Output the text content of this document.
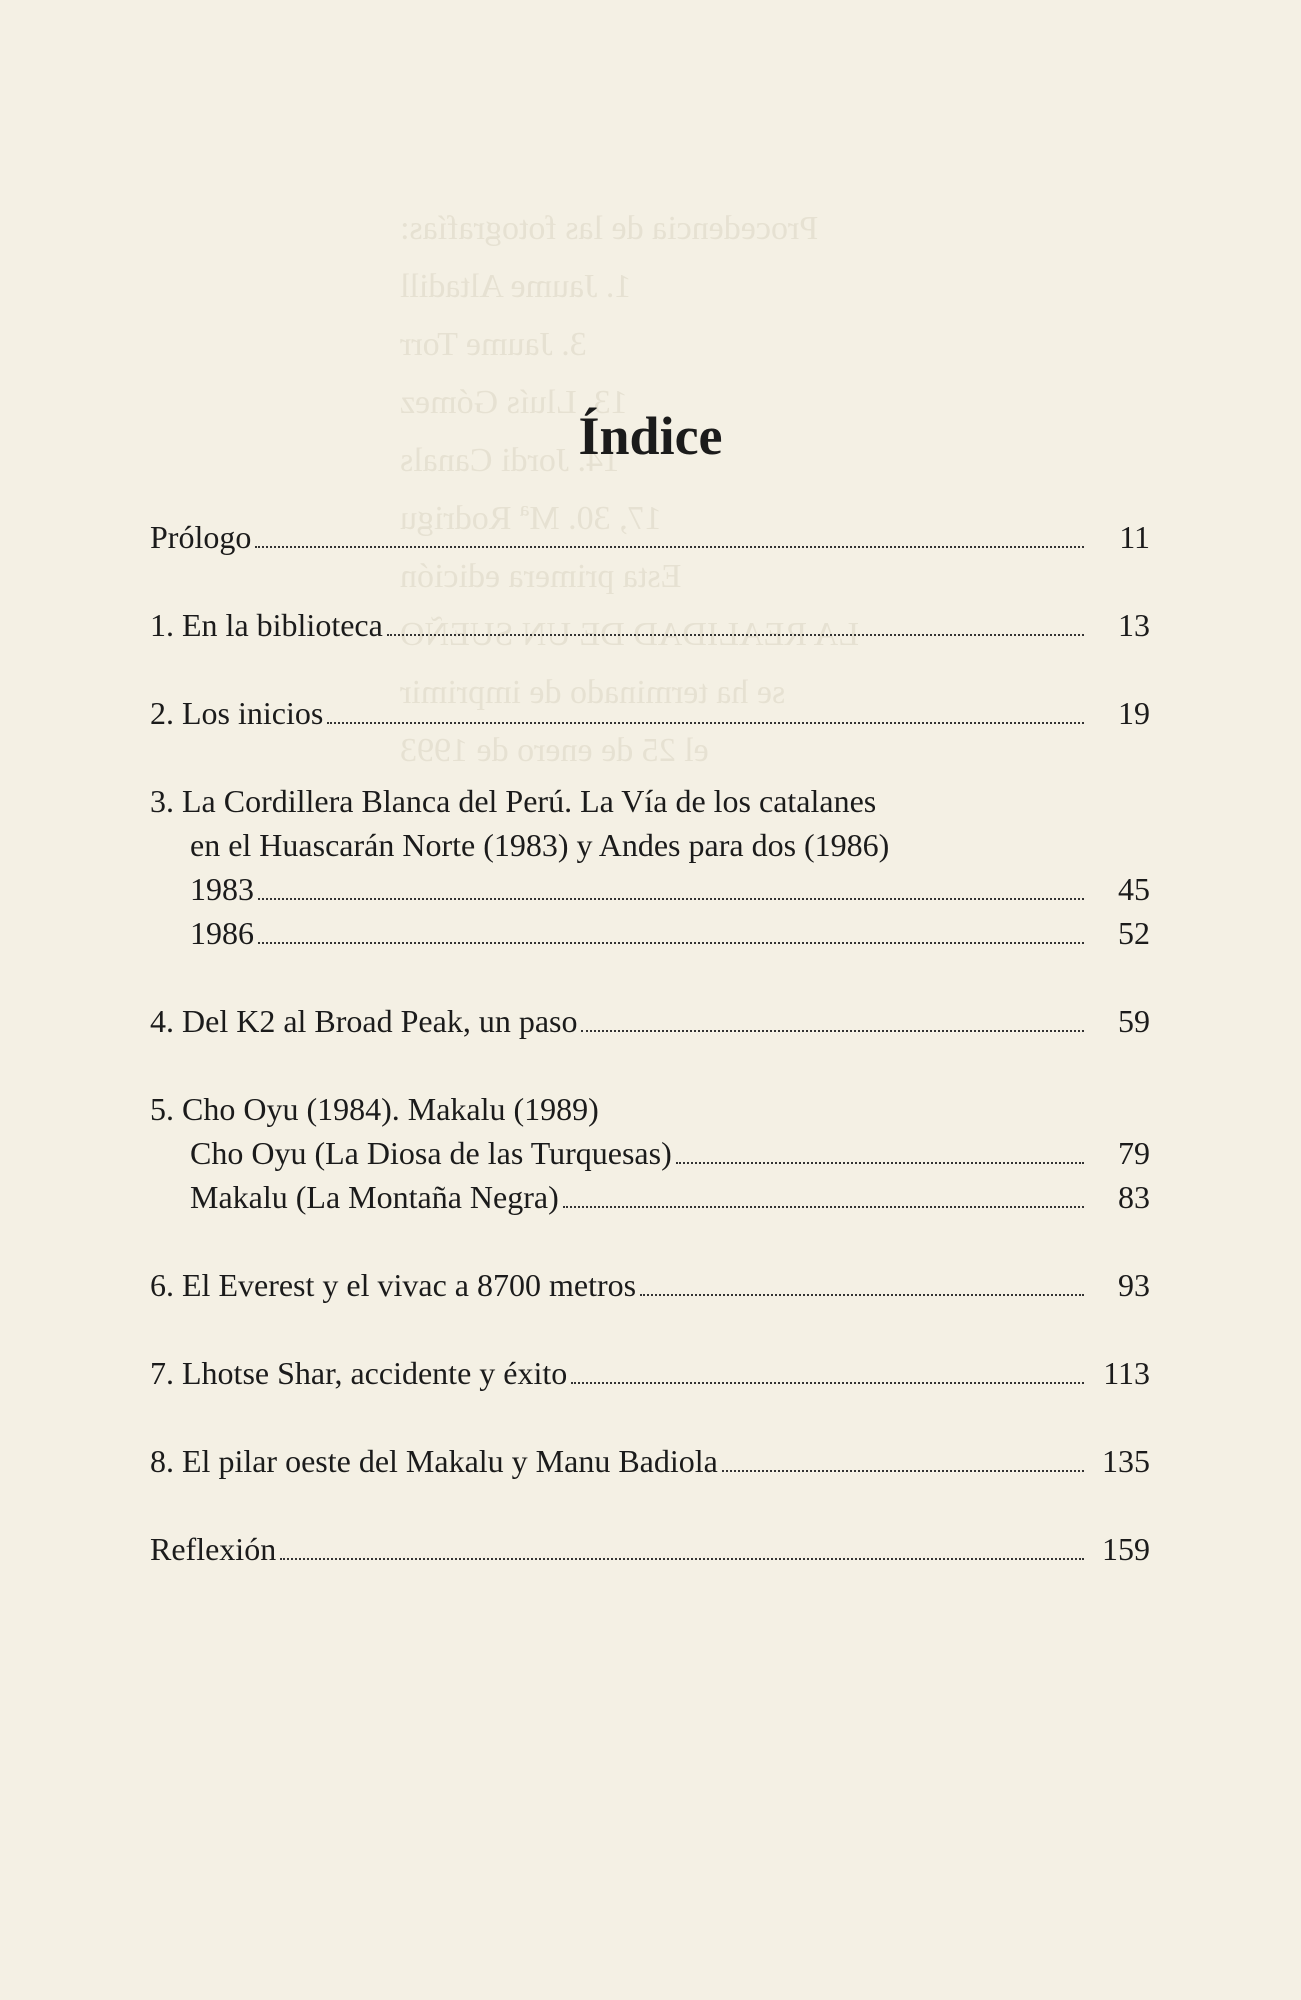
Procedencia de las fotografías:
1. Jaume Altadill
3. Jaume Torr
13. Lluís Gómez
14. Jordi Canals
17, 30. Mª Rodrigu
Esta primera edición
LA REALIDAD DE UN SUEÑO
se ha terminado de imprimir
el 25 de enero de 1993
Índice
Prólogo	11
1. En la biblioteca	13
2. Los inicios	19
3. La Cordillera Blanca del Perú. La Vía de los catalanes
en el Huascarán Norte (1983) y Andes para dos (1986)
1983	45
1986	52
4. Del K2 al Broad Peak, un paso	59
5. Cho Oyu (1984). Makalu (1989)
Cho Oyu (La Diosa de las Turquesas)	79
Makalu (La Montaña Negra)	83
6. El Everest y el vivac a 8700 metros	93
7. Lhotse Shar, accidente y éxito	113
8. El pilar oeste del Makalu y Manu Badiola	135
Reflexión	159
